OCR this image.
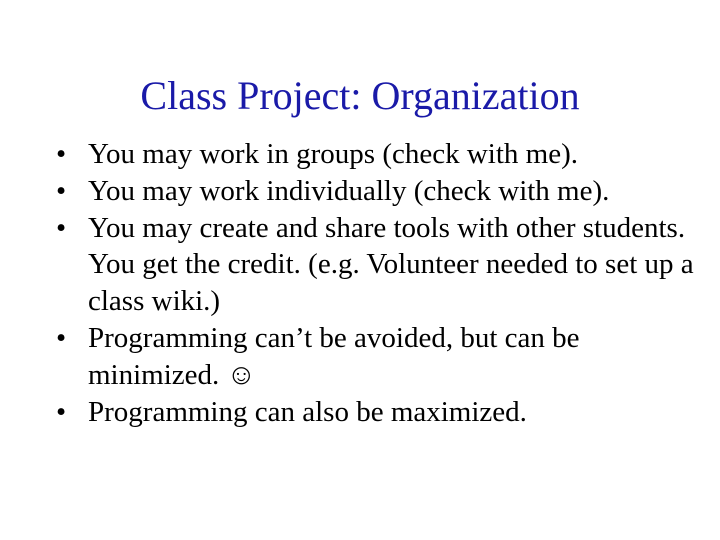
Class Project: Organization
• You may work in groups (check with me).
• You may work individually (check with me).
• You may create and share tools with other students. You get the credit. (e.g. Volunteer needed to set up a class wiki.)
• Programming can’t be avoided, but can be minimized. ☺
• Programming can also be maximized.
